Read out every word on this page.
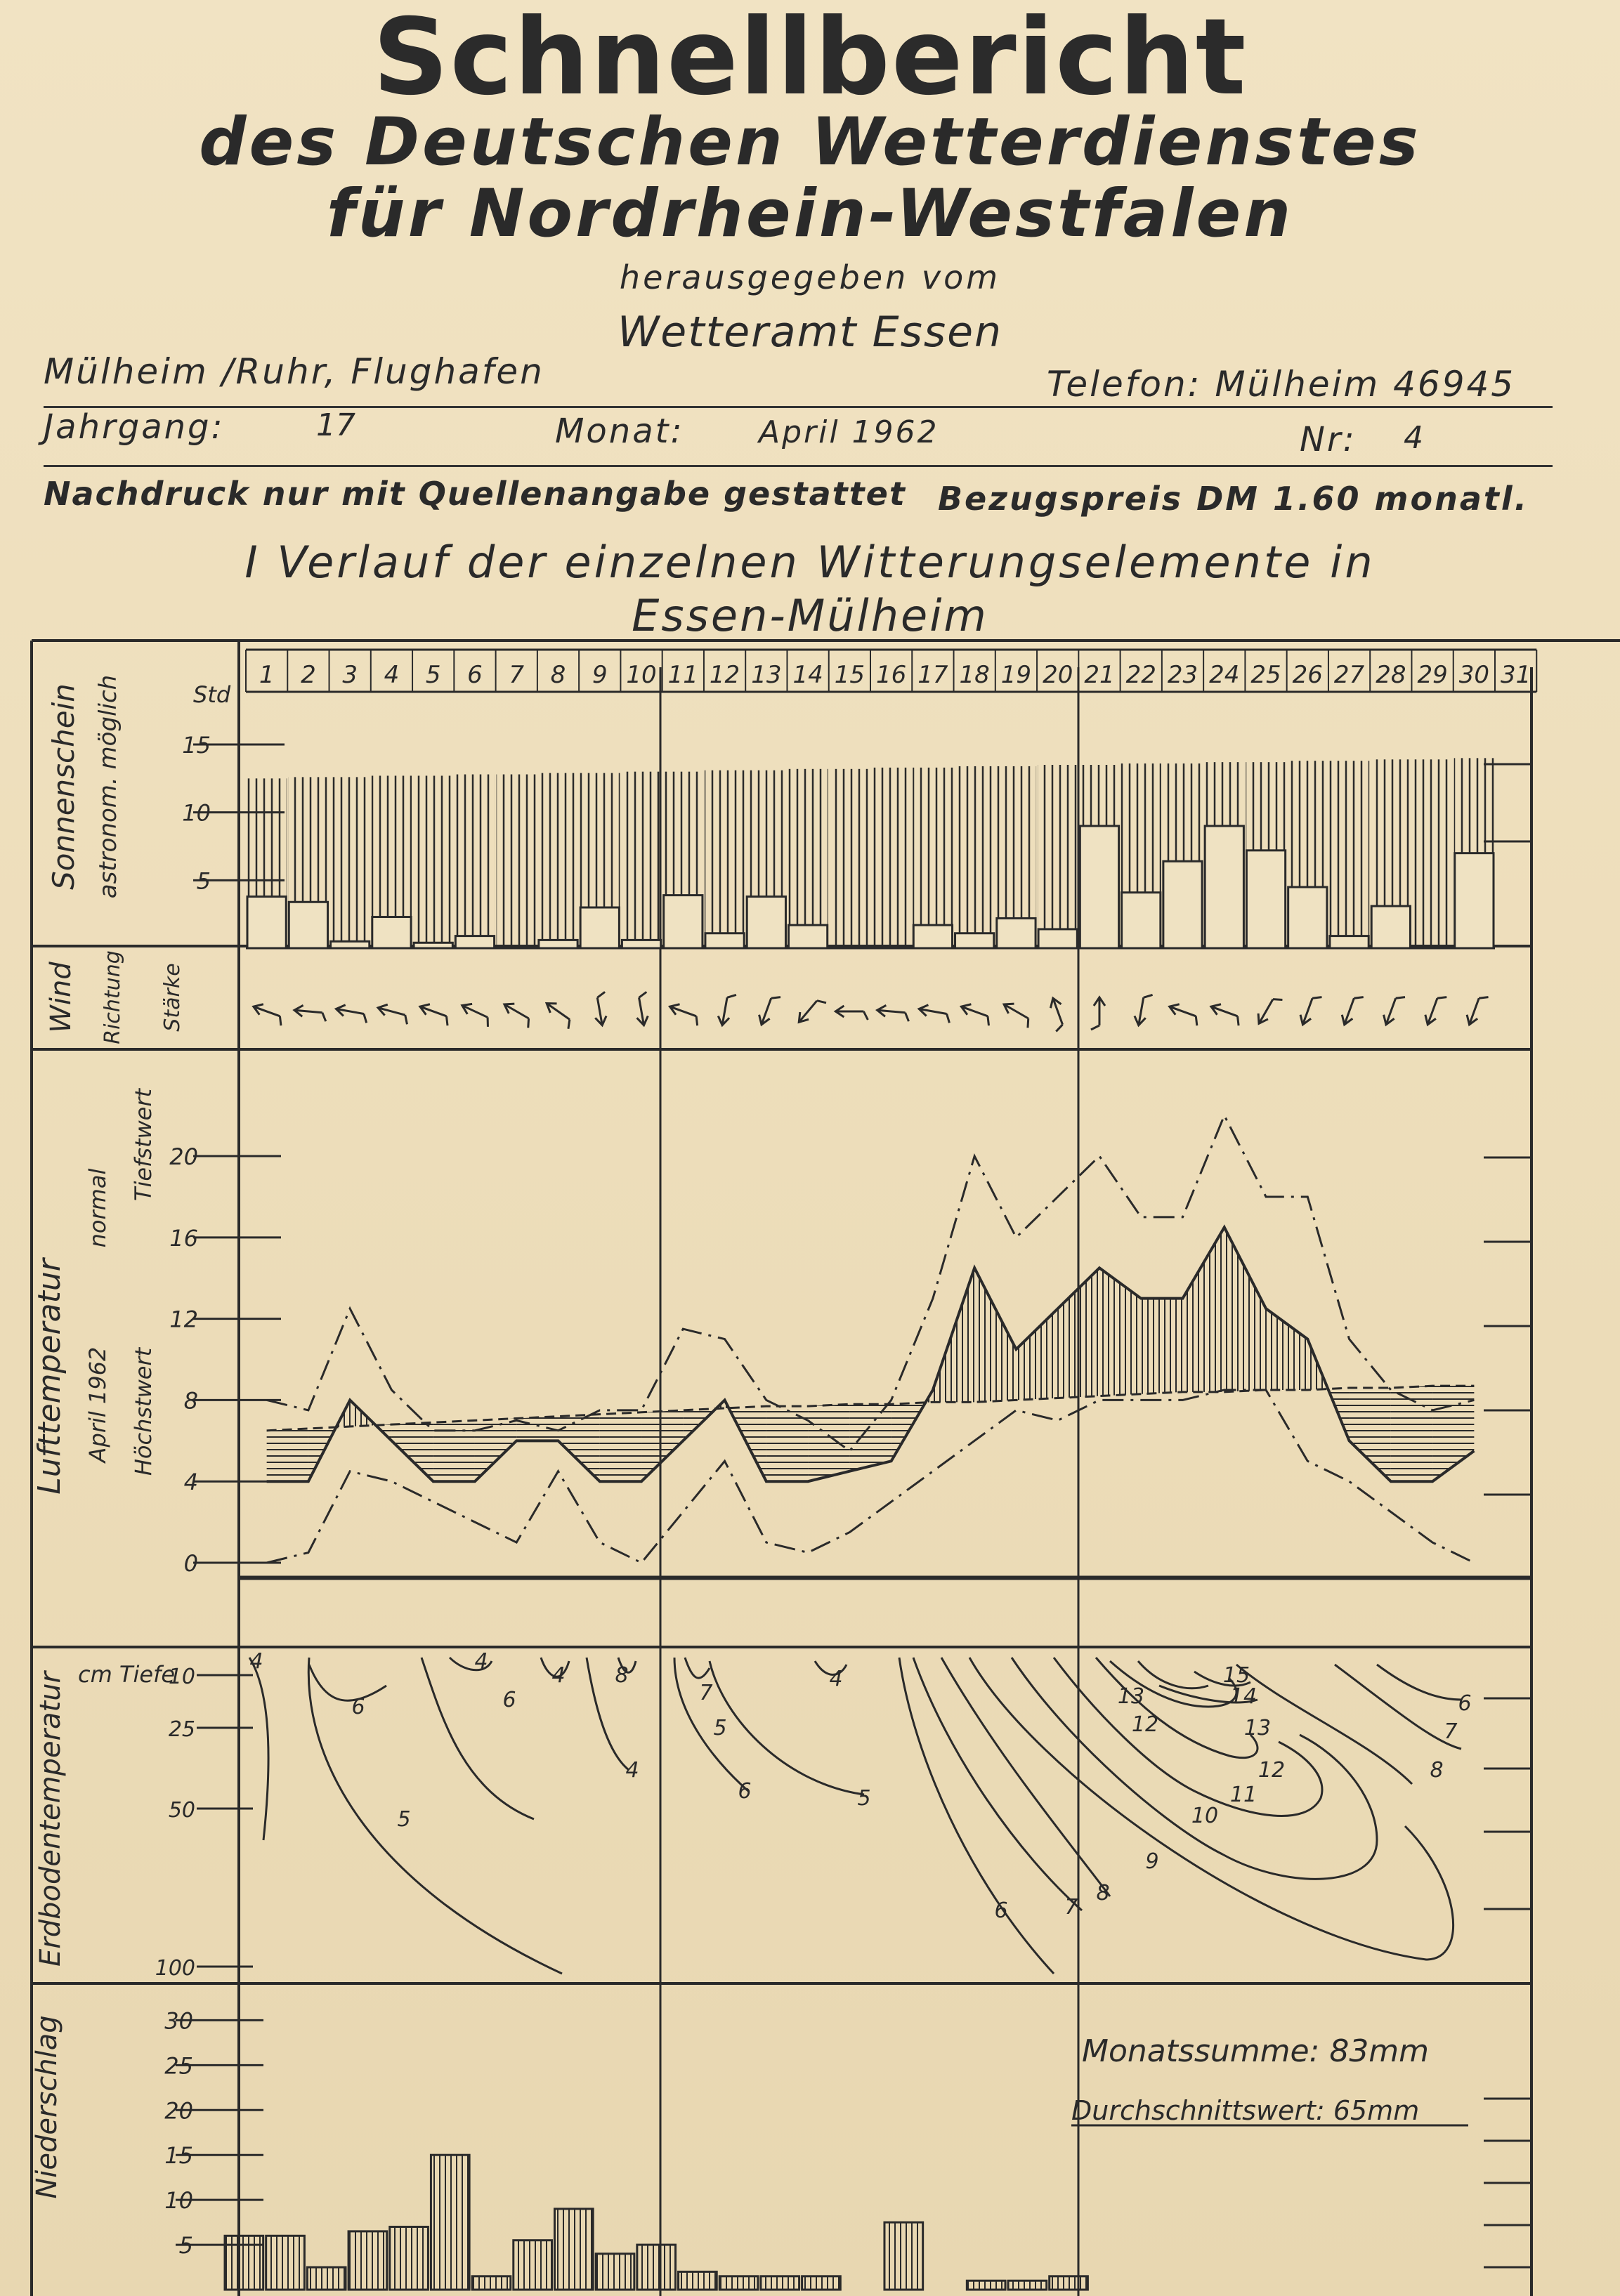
Schnellbericht
des Deutschen Wetterdienstes
für Nordrhein-Westfalen
herausgegeben vom
Wetteramt Essen
Mülheim /Ruhr, Flughafen	Telefon: Mülheim 46945
Jahrgang:	17	Monat: April 1962	Nr: 4
Nachdruck nur mit Quellenangabe gestattet Bezugspreis DM 1.60 monatl.
I Verlauf der einzelnen Witterungselemente in
Essen-Mülheim
1 2 3 4 5 6 7 8 9 10 11 12 13 14 15 16 17 18 19 20 21 22 23 24 25 26 27 28 29 30 31
Sonnenschein astronom. möglich	Std
5
10
15
Wind Richtung Stärke
Lufttemperatur April 1962
normal
Höchstwert
Tiefstwert
0
4
8
12
16
20
Erdbodentemperatur cm Tiefe
10
25
50
100
4
6
5
4
6
4
4
8
7
5
6
4
5
13
12
15
14
13
12
11
10
9
8
6	7
6
7
8
Niederschlag
5
10
15
20
25
30
Monatssumme: 83mm
Durchschnittswert: 65mm
